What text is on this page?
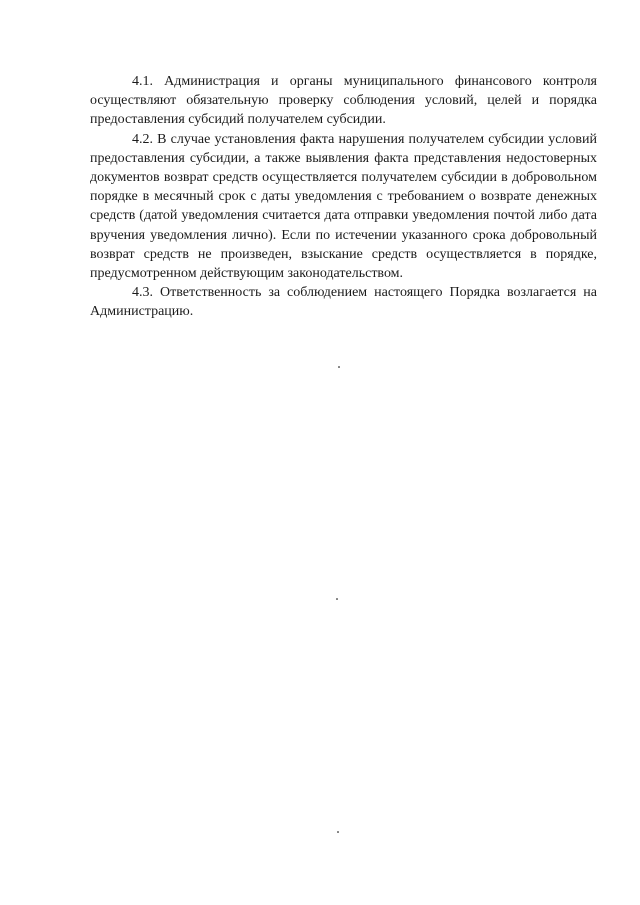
4.1. Администрация и органы муниципального финансового контроля осуществляют обязательную проверку соблюдения условий, целей и порядка предоставления субсидий получателем субсидии.

4.2. В случае установления факта нарушения получателем субсидии условий предоставления субсидии, а также выявления факта представления недостоверных документов возврат средств осуществляется получателем субсидии в добровольном порядке в месячный срок с даты уведомления с требованием о возврате денежных средств (датой уведомления считается дата отправки уведомления почтой либо дата вручения уведомления лично). Если по истечении указанного срока добровольный возврат средств не произведен, взыскание средств осуществляется в порядке, предусмотренном действующим законодательством.

4.3. Ответственность за соблюдением настоящего Порядка возлагается на Администрацию.
